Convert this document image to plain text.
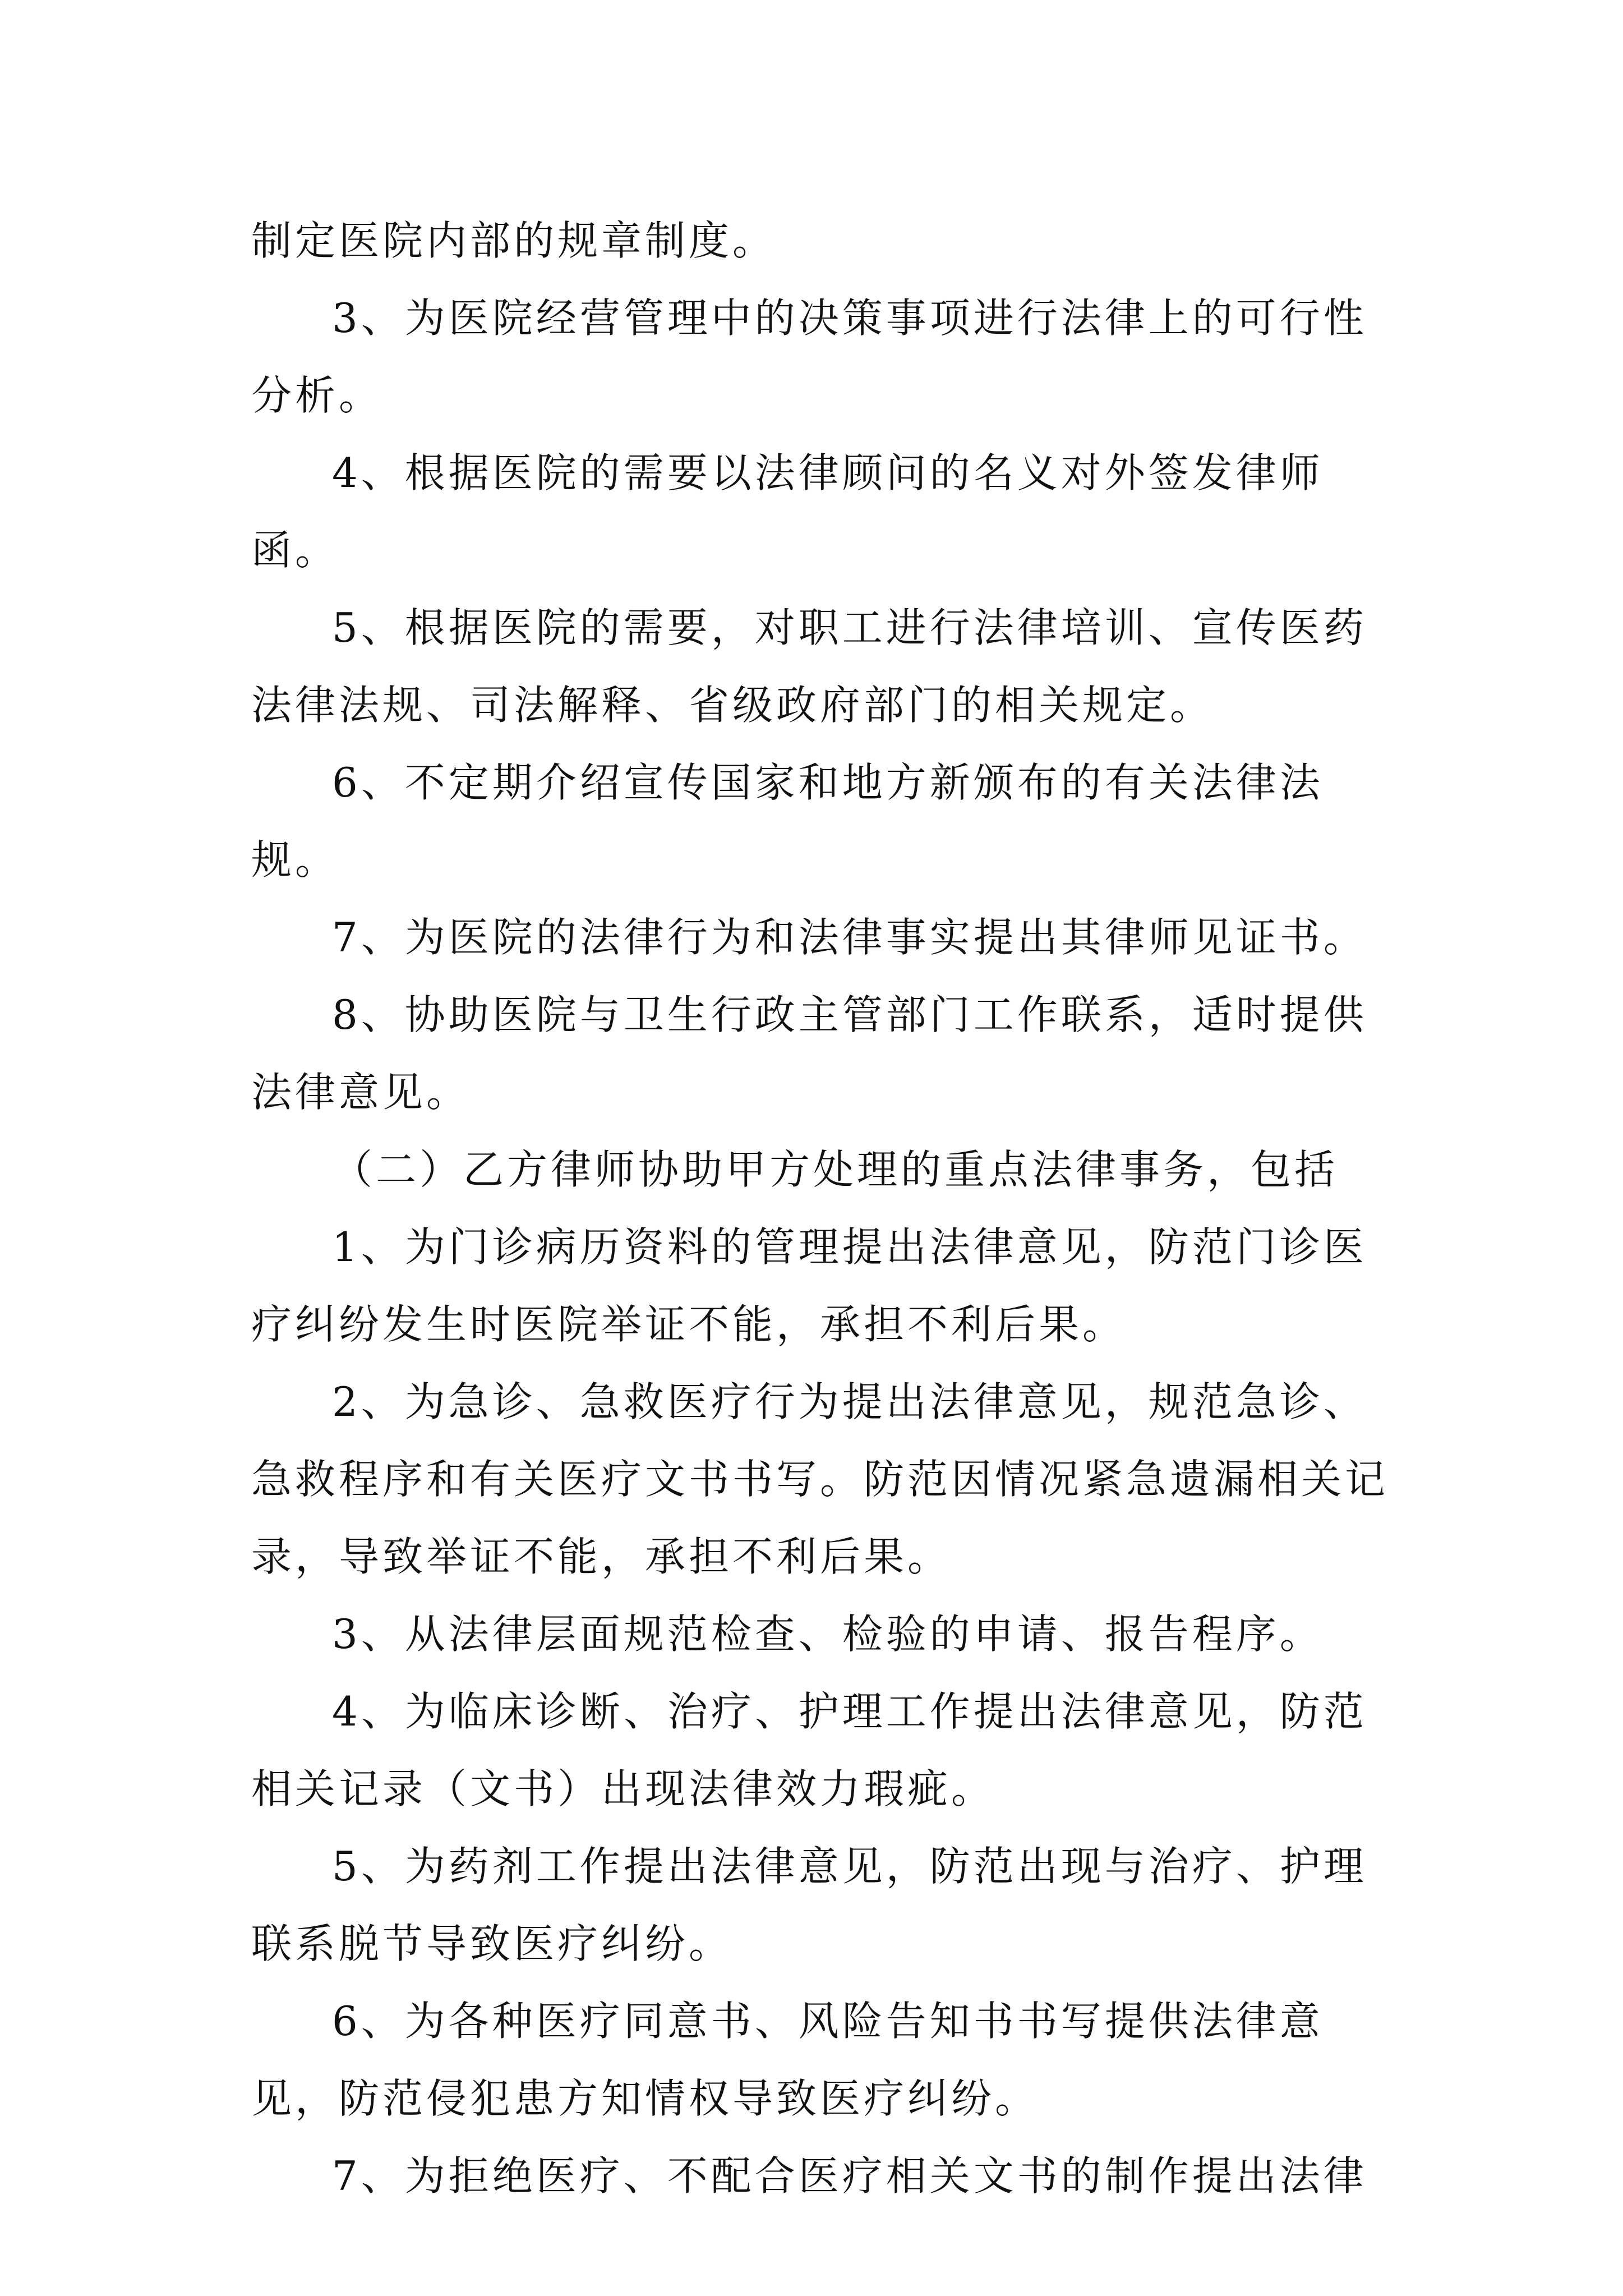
制定医院内部的规章制度。

3、为医院经营管理中的决策事项进行法律上的可行性分析。

4、根据医院的需要以法律顾问的名义对外签发律师函。

5、根据医院的需要，对职工进行法律培训、宣传医药法律法规、司法解释、省级政府部门的相关规定。

6、不定期介绍宣传国家和地方新颁布的有关法律法规。

7、为医院的法律行为和法律事实提出其律师见证书。

8、协助医院与卫生行政主管部门工作联系，适时提供法律意见。

（二）乙方律师协助甲方处理的重点法律事务，包括

1、为门诊病历资料的管理提出法律意见，防范门诊医疗纠纷发生时医院举证不能，承担不利后果。

2、为急诊、急救医疗行为提出法律意见，规范急诊、急救程序和有关医疗文书书写。防范因情况紧急遗漏相关记录，导致举证不能，承担不利后果。

3、从法律层面规范检查、检验的申请、报告程序。

4、为临床诊断、治疗、护理工作提出法律意见，防范相关记录（文书）出现法律效力瑕疵。

5、为药剂工作提出法律意见，防范出现与治疗、护理联系脱节导致医疗纠纷。

6、为各种医疗同意书、风险告知书书写提供法律意见，防范侵犯患方知情权导致医疗纠纷。

7、为拒绝医疗、不配合医疗相关文书的制作提出法律
